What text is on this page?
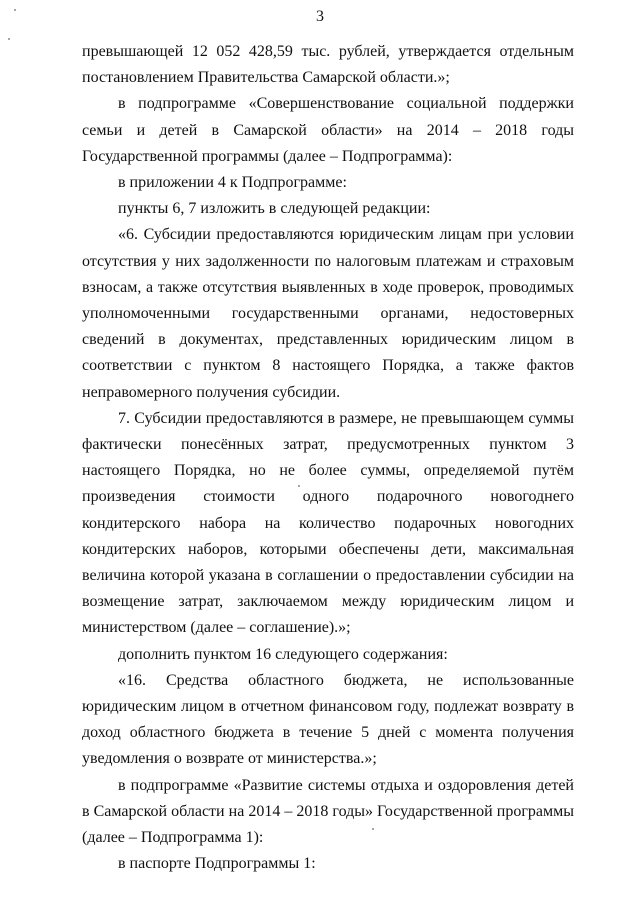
3

превышающей 12 052 428,59 тыс. рублей, утверждается отдельным постановлением Правительства Самарской области.»;

в подпрограмме «Совершенствование социальной поддержки семьи и детей в Самарской области» на 2014 – 2018 годы Государственной программы (далее – Подпрограмма):

в приложении 4 к Подпрограмме:

пункты 6, 7 изложить в следующей редакции:

«6. Субсидии предоставляются юридическим лицам при условии отсутствия у них задолженности по налоговым платежам и страховым взносам, а также отсутствия выявленных в ходе проверок, проводимых уполномоченными государственными органами, недостоверных сведений в документах, представленных юридическим лицом в соответствии с пунктом 8 настоящего Порядка, а также фактов неправомерного получения субсидии.

7. Субсидии предоставляются в размере, не превышающем суммы фактически понесённых затрат, предусмотренных пунктом 3 настоящего Порядка, но не более суммы, определяемой путём произведения стоимости одного подарочного новогоднего кондитерского набора на количество подарочных новогодних кондитерских наборов, которыми обеспечены дети, максимальная величина которой указана в соглашении о предоставлении субсидии на возмещение затрат, заключаемом между юридическим лицом и министерством (далее – соглашение).»;

дополнить пунктом 16 следующего содержания:

«16. Средства областного бюджета, не использованные юридическим лицом в отчетном финансовом году, подлежат возврату в доход областного бюджета в течение 5 дней с момента получения уведомления о возврате от министерства.»;

в подпрограмме «Развитие системы отдыха и оздоровления детей в Самарской области на 2014 – 2018 годы» Государственной программы (далее – Подпрограмма 1):

в паспорте Подпрограммы 1:
